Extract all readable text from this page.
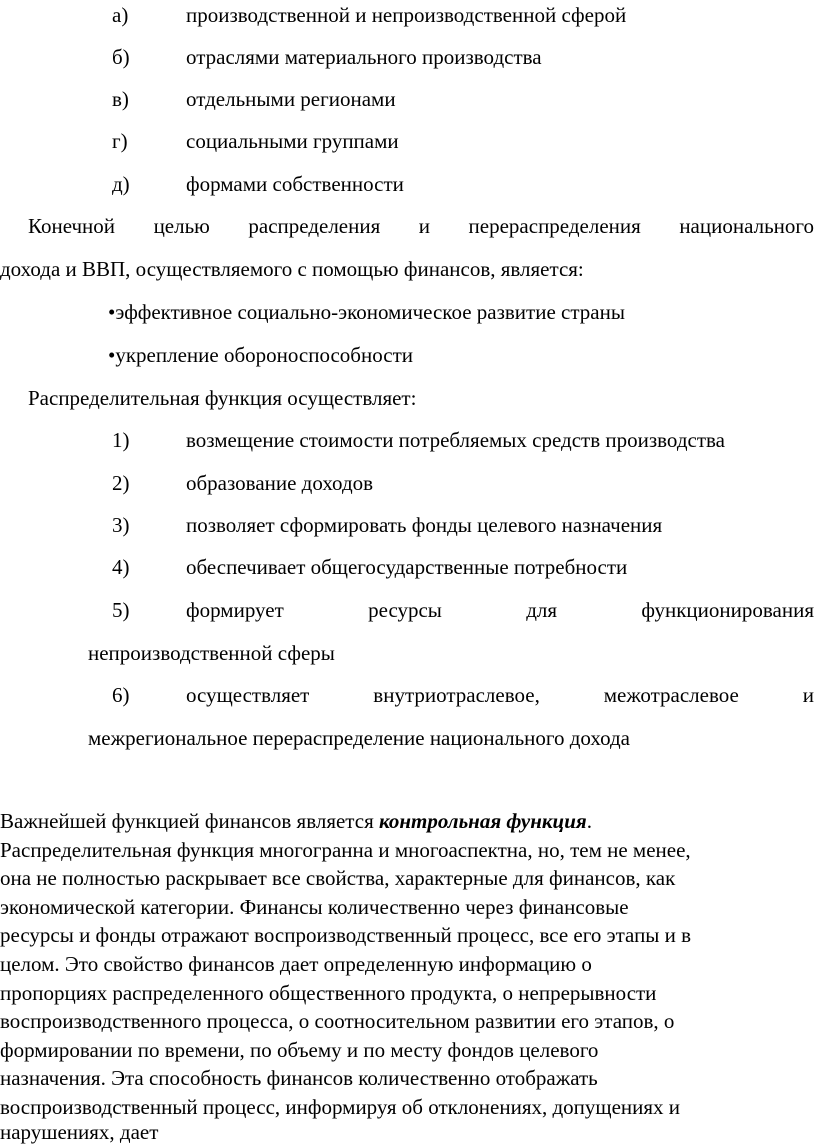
а)	производственной и непроизводственной сферой
б)	отраслями материального производства
в)	отдельными регионами
г)	социальными группами
д)	формами собственности
Конечной целью распределения и перераспределения национального
дохода и ВВП, осуществляемого с помощью финансов, является:
•эффективное социально-экономическое развитие страны
•укрепление обороноспособности
Распределительная функция осуществляет:
1)	возмещение стоимости потребляемых средств производства
2)	образование доходов
3)	позволяет сформировать фонды целевого назначения
4)	обеспечивает общегосударственные потребности
5)	формирует	ресурсы	для	функционирования
непроизводственной сферы
6)	осуществляет	внутриотраслевое,	межотраслевое	и
межрегиональное перераспределение национального дохода
Важнейшей функцией финансов является контрольная функция.
Распределительная функция многогранна и многоаспектна, но, тем не менее,
она не полностью раскрывает все свойства, характерные для финансов, как
экономической категории. Финансы количественно через финансовые
ресурсы и фонды отражают воспроизводственный процесс, все его этапы и в
целом. Это свойство финансов дает определенную информацию о
пропорциях распределенного общественного продукта, о непрерывности
воспроизводственного процесса, о соотносительном развитии его этапов, о
формировании по времени, по объему и по месту фондов целевого
назначения. Эта способность финансов количественно отображать
воспроизводственный процесс, информируя об отклонениях, допущениях и
нарушениях, дает
